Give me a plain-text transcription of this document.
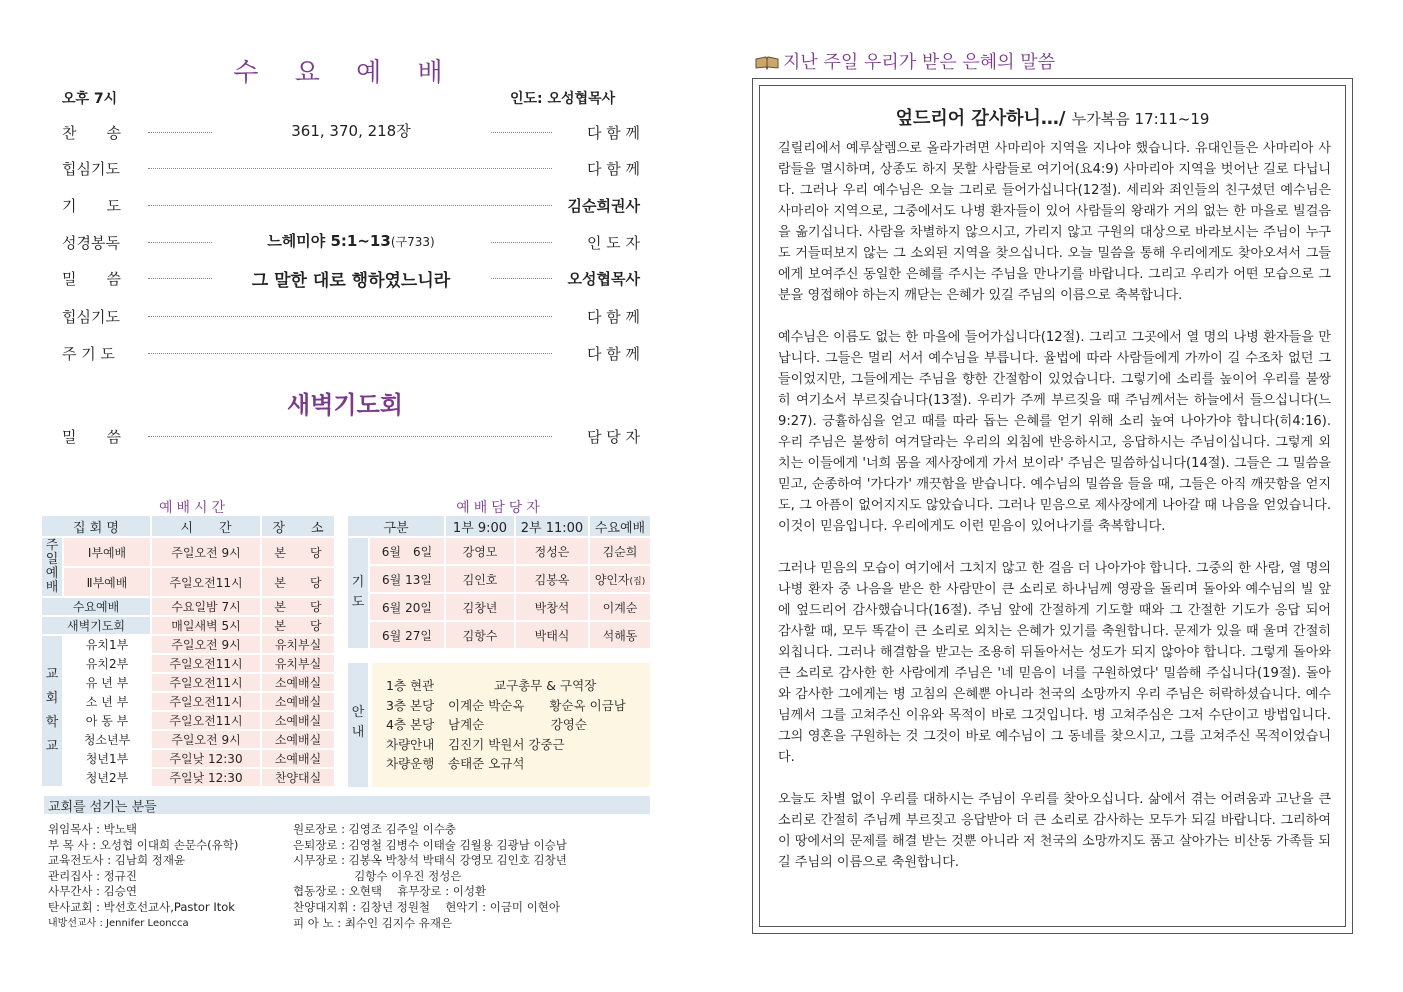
수 요 예 배
오후 7시	인도: 오성협목사
찬　　송	361, 370, 218장	다 함 께
힙심기도	다 함 께
기　　도	김순희권사
성경봉독	느헤미야 5:1~13(구733)	인 도 자
밀　　씀	그 말한 대로 행하였느니라	오성협목사
힙심기도	다 함 께
주 기 도	다 함 께
새벽기도회
밀　　씀	담 당 자
예배시간
집 회 명		시　　간	장　　소
주일예배	Ⅰ부예배	주일오전 9시	본　　당
	Ⅱ부예배	주일오전11시	본　　당
수요예배		수요일밤 7시	본　　당
새벽기도회		매일새벽 5시	본　　당
교회학교	유치1부	주일오전 9시	유치부실
	유치2부	주일오전11시	유치부실
	유 년 부	주일오전11시	소예배실
	소 년 부	주일오전11시	소예배실
	아 동 부	주일오전11시	소예배실
	청소년부	주일오전 9시	소예배실
	청년1부	주일낮 12:30	소예배실
	청년2부	주일낮 12:30	찬양대실
예배담당자
구분		1부 9:00	2부 11:00	수요예배
기도	6월　6일	강영모	정성은	김순희
	6월 13일	김인호	김봉옥	양인자(집)
	6월 20일	김창년	박창석	이계순
	6월 27일	김항수	박태식	석해동
안내
1층 현관	교구총무 & 구역장
3층 본당 이계순 박순옥　　황순옥 이금남
4층 본당 남계순　　　　　 강영순
차량안내 김진기 박원서 강중근
차량운행 송태준 오규석
교회를 섬기는 분들
위임목사 : 박노택
부 목 사 : 오성협 이대희 손문수(유학)
교육전도사 : 김남희 정재윤
관리집사 : 정규진
사무간사 : 김승연
탄사교회 : 박선호선교사,Pastor Itok
내방선교사 : Jennifer Leoncca
원로장로 : 김영조 김주일 이수충
은퇴장로 : 김영철 김병수 이태술 김월용 김광남 이승남
시무장로 : 김봉옥 박창석 박태식 강영모 김인호 김창년
　　　　　 김항수 이우진 정성은
협동장로 : 오현택　 휴무장로 : 이성환
찬양대지휘 : 김창년 정원철　 현악기 : 이금미 이현아
피 아 노 : 최수인 김지수 유재은
지난 주일 우리가 받은 은혜의 말씀
엎드리어 감사하니…/ 누가복음 17:11~19

길릴리에서 예루살렘으로 올라가려면 사마리아 지역을 지나야 했습니다. 유대인들은 사마리아 사람들을 멸시하며, 상종도 하지 못할 사람들로 여기어(요4:9) 사마리아 지역을 벗어난 길로 다닙니다. 그러나 우리 예수님은 오늘 그리로 들어가십니다(12절). 세리와 죄인들의 친구셨던 예수님은 사마리아 지역으로, 그중에서도 나병 환자들이 있어 사람들의 왕래가 거의 없는 한 마을로 빌걸음을 옮기십니다. 사람을 차별하지 않으시고, 가리지 않고 구원의 대상으로 바라보시는 주님이 누구도 거들떠보지 않는 그 소외된 지역을 찾으십니다. 오늘 밀씀을 통해 우리에게도 찾아오셔서 그들에게 보여주신 동일한 은혜를 주시는 주님을 만나기를 바랍니다. 그리고 우리가 어떤 모습으로 그분을 영접해야 하는지 깨닫는 은혜가 있길 주님의 이름으로 축복합니다.

예수님은 이름도 없는 한 마을에 들어가십니다(12절). 그리고 그곳에서 열 명의 나병 환자들을 만납니다. 그들은 멀리 서서 예수님을 부릅니다. 율법에 따라 사람들에게 가까이 길 수조차 없던 그들이었지만, 그들에게는 주님을 향한 간절함이 있었습니다. 그렇기에 소리를 높이어 우리를 불쌍히 여기소서 부르짖습니다(13절). 우리가 주께 부르짖을 때 주님께서는 하늘에서 들으십니다(느9:27). 긍휼하심을 얻고 때를 따라 돕는 은혜를 얻기 위해 소리 높여 나아가야 합니다(히4:16). 우리 주님은 불쌍히 여겨달라는 우리의 외침에 반응하시고, 응답하시는 주님이십니다. 그렇게 외치는 이들에게 '너희 몸을 제사장에게 가서 보이라' 주님은 밀씀하십니다(14절). 그들은 그 밀씀을 믿고, 순종하여 '가다가' 깨끗함을 받습니다. 예수님의 밀씀을 들을 때, 그들은 아직 깨끗함을 얻지도, 그 아픔이 없어지지도 않았습니다. 그러나 믿음으로 제사장에게 나아갈 때 나음을 얻었습니다. 이것이 믿음입니다. 우리에게도 이런 믿음이 있어나기를 축복합니다.

그러나 믿음의 모습이 여기에서 그치지 않고 한 걸음 더 나아가야 합니다. 그중의 한 사람, 열 명의 나병 환자 중 나음을 받은 한 사람만이 큰 소리로 하나님께 영광을 돌리며 돌아와 예수님의 빌 앞에 엎드리어 감사했습니다(16절). 주님 앞에 간절하게 기도할 때와 그 간절한 기도가 응답 되어 감사할 때, 모두 똑같이 큰 소리로 외치는 은혜가 있기를 축원합니다. 문제가 있을 때 울며 간절히 외칩니다. 그러나 해결함을 받고는 조용히 뒤돌아서는 성도가 되지 않아야 합니다. 그렇게 돌아와 큰 소리로 감사한 한 사람에게 주님은 '네 믿음이 너를 구원하였다' 밀씀해 주십니다(19절). 돌아와 감사한 그에게는 병 고침의 은혜뿐 아니라 천국의 소망까지 우리 주님은 허락하셨습니다. 예수님께서 그를 고쳐주신 이유와 목적이 바로 그것입니다. 병 고쳐주심은 그저 수단이고 방법입니다. 그의 영혼을 구원하는 것 그것이 바로 예수님이 그 동네를 찾으시고, 그를 고쳐주신 목적이었습니다.

오늘도 차별 없이 우리를 대하시는 주님이 우리를 찾아오십니다. 삶에서 겪는 어려움과 고난을 큰 소리로 간절히 주님께 부르짖고 응답받아 더 큰 소리로 감사하는 모두가 되길 바랍니다. 그리하여 이 땅에서의 문제를 해결 받는 것뿐 아니라 저 천국의 소망까지도 품고 살아가는 비산동 가족들 되길 주님의 이름으로 축원합니다.
